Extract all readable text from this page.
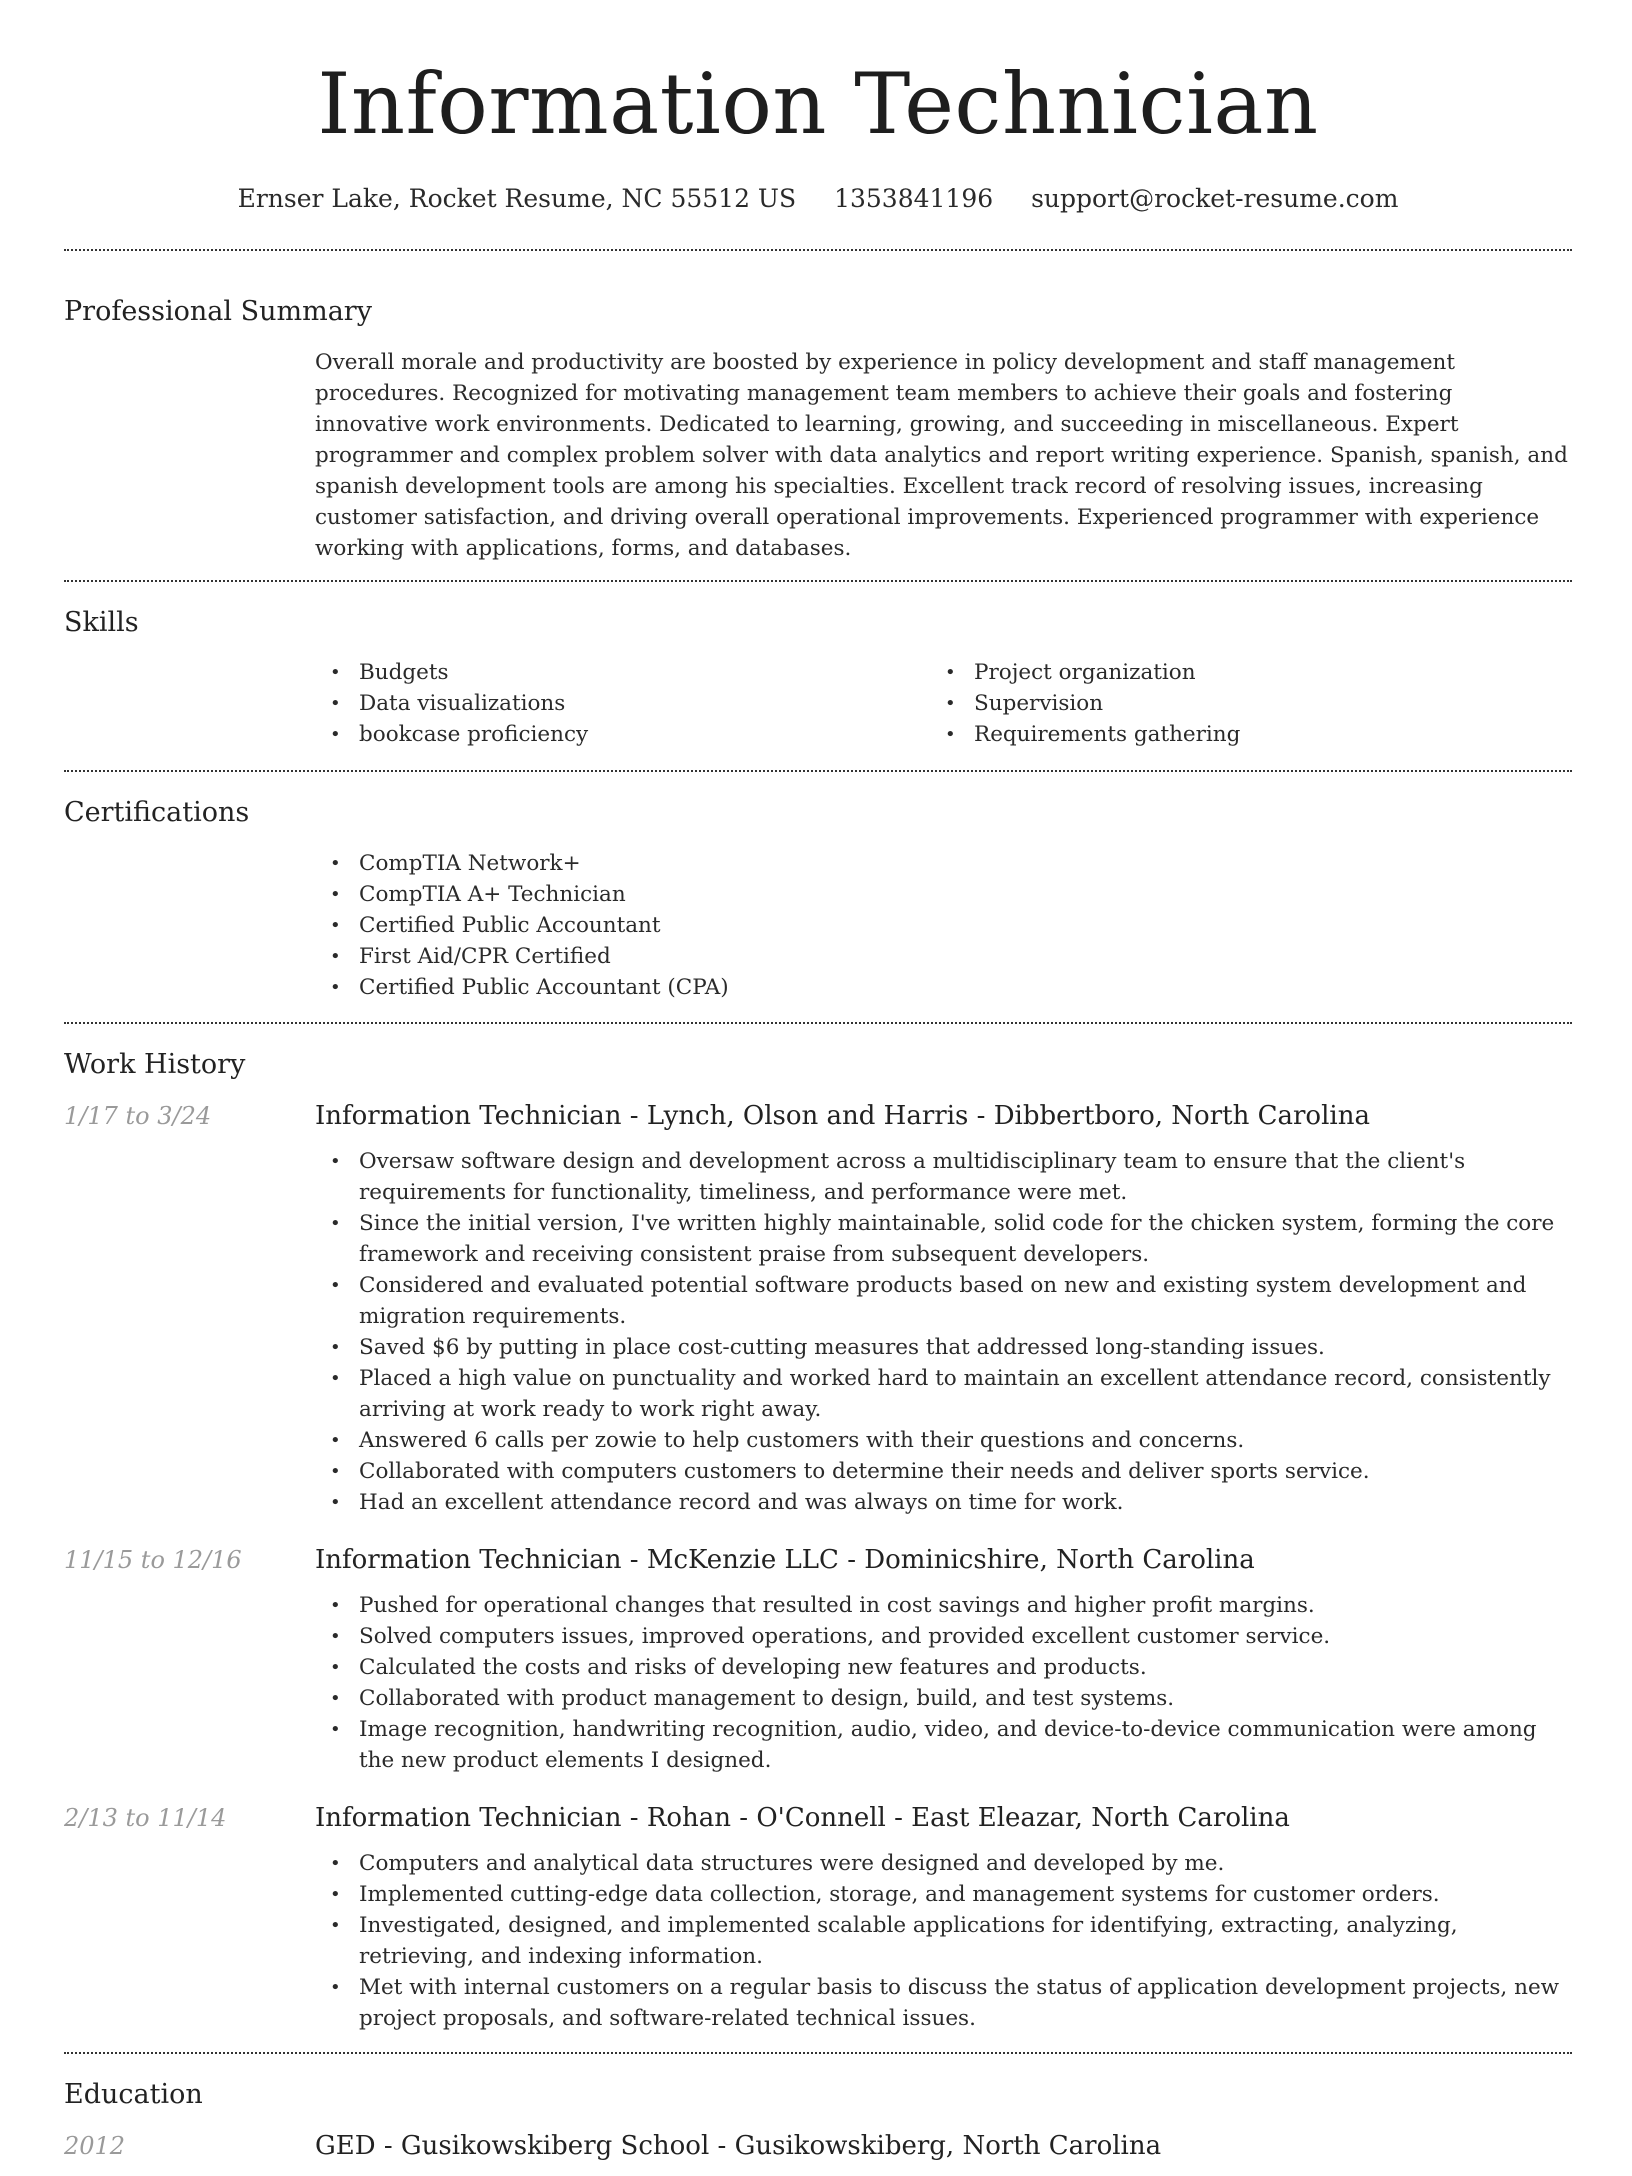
Information Technician
Ernser Lake, Rocket Resume, NC 55512 US 1353841196 support@rocket-resume.com
Professional Summary

Overall morale and productivity are boosted by experience in policy development and staff management procedures. Recognized for motivating management team members to achieve their goals and fostering innovative work environments. Dedicated to learning, growing, and succeeding in miscellaneous. Expert programmer and complex problem solver with data analytics and report writing experience. Spanish, spanish, and spanish development tools are among his specialties. Excellent track record of resolving issues, increasing customer satisfaction, and driving overall operational improvements. Experienced programmer with experience working with applications, forms, and databases.

Skills
• Budgets
• Data visualizations
• bookcase proficiency
• Project organization
• Supervision
• Requirements gathering
Certifications
• CompTIA Network+
• CompTIA A+ Technician
• Certified Public Accountant
• First Aid/CPR Certified
• Certified Public Accountant (CPA)
Work History
1/17 to 3/24	Information Technician - Lynch, Olson and Harris - Dibbertboro, North Carolina
• Oversaw software design and development across a multidisciplinary team to ensure that the client's requirements for functionality, timeliness, and performance were met.
• Since the initial version, I've written highly maintainable, solid code for the chicken system, forming the core framework and receiving consistent praise from subsequent developers.
• Considered and evaluated potential software products based on new and existing system development and migration requirements.
• Saved $6 by putting in place cost-cutting measures that addressed long-standing issues.
• Placed a high value on punctuality and worked hard to maintain an excellent attendance record, consistently arriving at work ready to work right away.
• Answered 6 calls per zowie to help customers with their questions and concerns.
• Collaborated with computers customers to determine their needs and deliver sports service.
• Had an excellent attendance record and was always on time for work.
11/15 to 12/16	Information Technician - McKenzie LLC - Dominicshire, North Carolina
• Pushed for operational changes that resulted in cost savings and higher profit margins.
• Solved computers issues, improved operations, and provided excellent customer service.
• Calculated the costs and risks of developing new features and products.
• Collaborated with product management to design, build, and test systems.
• Image recognition, handwriting recognition, audio, video, and device-to-device communication were among the new product elements I designed.
2/13 to 11/14	Information Technician - Rohan - O'Connell - East Eleazar, North Carolina
• Computers and analytical data structures were designed and developed by me.
• Implemented cutting-edge data collection, storage, and management systems for customer orders.
• Investigated, designed, and implemented scalable applications for identifying, extracting, analyzing, retrieving, and indexing information.
• Met with internal customers on a regular basis to discuss the status of application development projects, new project proposals, and software-related technical issues.
Education
2012	GED - Gusikowskiberg School - Gusikowskiberg, North Carolina
